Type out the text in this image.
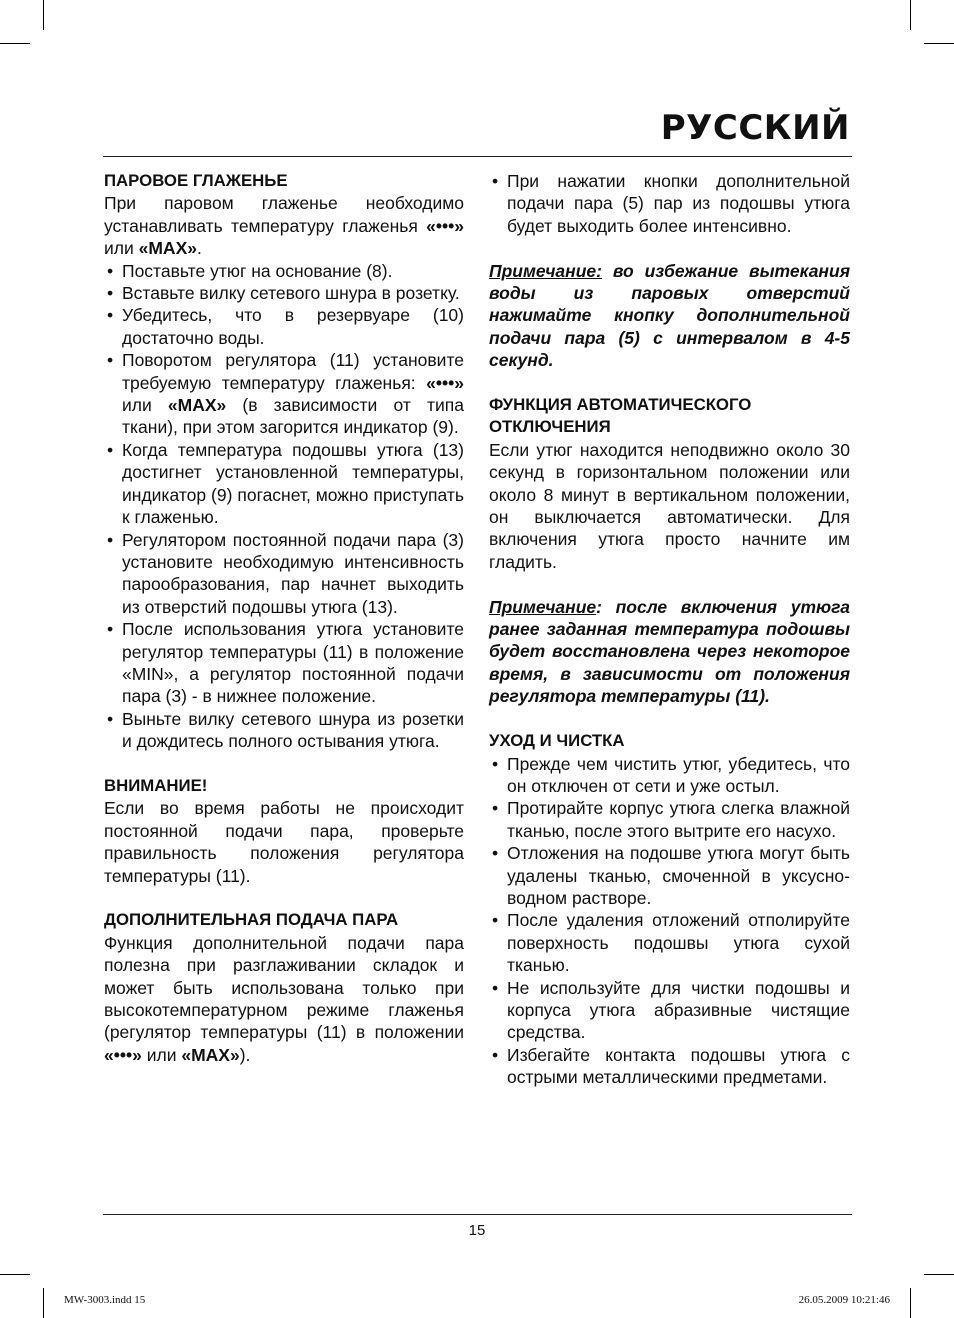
РУССКИЙ
ПАРОВОЕ ГЛАЖЕНЬЕ

При паровом глаженье необходимо устанавливать температуру глаженья «•••» или «MAX».

• Поставьте утюг на основание (8).
• Вставьте вилку сетевого шнура в розетку.
• Убедитесь, что в резервуаре (10) достаточно воды.
• Поворотом регулятора (11) установите требуемую температуру глаженья: «•••» или «MAX» (в зависимости от типа ткани), при этом загорится индикатор (9).
• Когда температура подошвы утюга (13) достигнет установленной температуры, индикатор (9) погаснет, можно приступать к глаженью.
• Регулятором постоянной подачи пара (3) установите необходимую интенсивность парообразования, пар начнет выходить из отверстий подошвы утюга (13).
• После использования утюга установите регулятор температуры (11) в положение «MIN», а регулятор постоянной подачи пара (3) - в нижнее положение.
• Выньте вилку сетевого шнура из розетки и дождитесь полного остывания утюга.
ВНИМАНИЕ!

Если во время работы не происходит постоянной подачи пара, проверьте правильность положения регулятора температуры (11).

ДОПОЛНИТЕЛЬНАЯ ПОДАЧА ПАРА

Функция дополнительной подачи пара полезна при разглаживании складок и может быть использована только при высокотемпературном режиме глаженья (регулятор температуры (11) в положении «•••» или «MAX»).

• При нажатии кнопки дополнительной подачи пара (5) пар из подошвы утюга будет выходить более интенсивно.

Примечание: во избежание вытекания воды из паровых отверстий нажимайте кнопку дополнительной подачи пара (5) с интервалом в 4-5 секунд.

ФУНКЦИЯ АВТОМАТИЧЕСКОГО
ОТКЛЮЧЕНИЯ

Если утюг находится неподвижно около 30 секунд в горизонтальном положении или около 8 минут в вертикальном положении, он выключается автоматически. Для включения утюга просто начните им гладить.

Примечание: после включения утюга ранее заданная температура подошвы будет восстановлена через некоторое время, в зависимости от положения регулятора температуры (11).

УХОД И ЧИСТКА
• Прежде чем чистить утюг, убедитесь, что он отключен от сети и уже остыл.
• Протирайте корпус утюга слегка влажной тканью, после этого вытрите его насухо.
• Отложения на подошве утюга могут быть удалены тканью, смоченной в уксусно-водном растворе.
• После удаления отложений отполируйте поверхность подошвы утюга сухой тканью.
• Не используйте для чистки подошвы и корпуса утюга абразивные чистящие средства.
• Избегайте контакта подошвы утюга с острыми металлическими предметами.
15
MW-3003.indd 15	26.05.2009 10:21:46
